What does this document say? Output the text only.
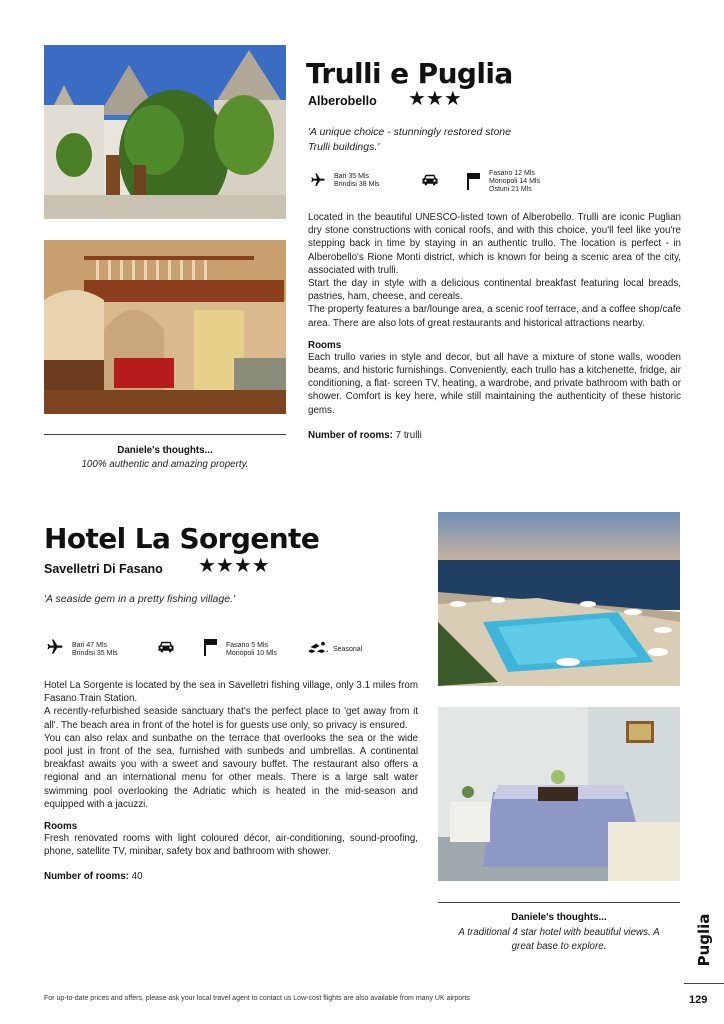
Daniele's thoughts...
100% authentic and amazing property.
Trulli e Puglia
Alberobello ★★★
'A unique choice - stunningly restored stone Trulli buildings.'
Bari 35 Mls
Brindisi 38 Mls
Fasano 12 Mls
Monopoli 14 Mls
Ostuni 21 Mls

Located in the beautiful UNESCO-listed town of Alberobello. Trulli are iconic Puglian dry stone constructions with conical roofs, and with this choice, you'll feel like you're stepping back in time by staying in an authentic trullo. The location is perfect - in Alberobello's Rione Monti district, which is known for being a scenic area of the city, associated with trulli.

Start the day in style with a delicious continental breakfast featuring local breads, pastries, ham, cheese, and cereals.

The property features a bar/lounge area, a scenic roof terrace, and a coffee shop/cafe area. There are also lots of great restaurants and historical attractions nearby.

Rooms

Each trullo varies in style and decor, but all have a mixture of stone walls, wooden beams, and historic furnishings. Conveniently, each trullo has a kitchenette, fridge, air conditioning, a flat- screen TV, heating, a wardrobe, and private bathroom with bath or shower. Comfort is key here, while still maintaining the authenticity of these historic gems.

Number of rooms: 7 trulli
Hotel La Sorgente
Savelletri Di Fasano ★★★★
'A seaside gem in a pretty fishing village.'
Bari 47 Mls
Brindisi 35 Mls
Fasano 5 Mls
Monopoli 10 Mls
Seasonal

Hotel La Sorgente is located by the sea in Savelletri fishing village, only 3.1 miles from Fasano Train Station.

A recently-refurbished seaside sanctuary that's the perfect place to 'get away from it all'. The beach area in front of the hotel is for guests use only, so privacy is ensured.

You can also relax and sunbathe on the terrace that overlooks the sea or the wide pool just in front of the sea, furnished with sunbeds and umbrellas. A continental breakfast awaits you with a sweet and savoury buffet. The restaurant also offers a regional and an international menu for other meals. There is a large salt water swimming pool overlooking the Adriatic which is heated in the mid-season and equipped with a jacuzzi.

Rooms

Fresh renovated rooms with light coloured décor, air-conditioning, sound-proofing, phone, satellite TV, minibar, safety box and bathroom with shower.

Number of rooms: 40
Daniele's thoughts...
A traditional 4 star hotel with beautiful views. A great base to explore.	Puglia
For up-to-date prices and offers, please ask your local travel agent to contact us Low-cost flights are also available from many UK airports	129
